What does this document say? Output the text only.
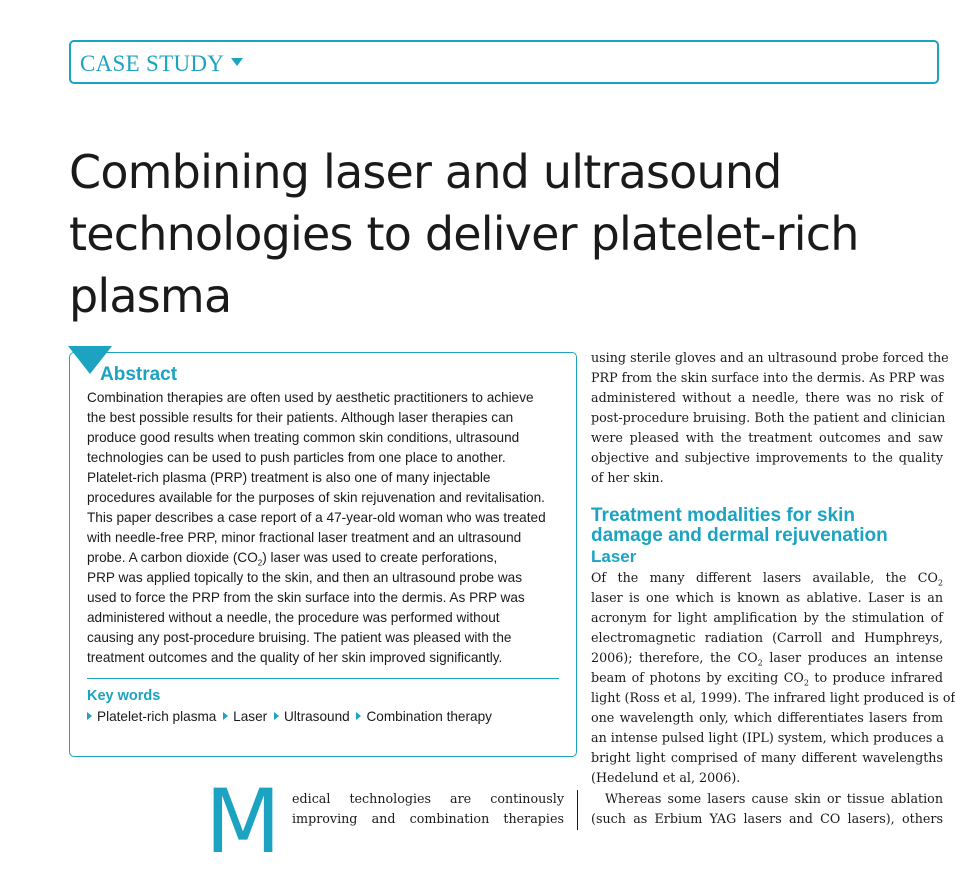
CASE STUDY
Combining laser and ultrasound
technologies to deliver platelet-rich plasma
Abstract

Combination therapies are often used by aesthetic practitioners to achieve
the best possible results for their patients. Although laser therapies can
produce good results when treating common skin conditions, ultrasound
technologies can be used to push particles from one place to another.
Platelet-rich plasma (PRP) treatment is also one of many injectable
procedures available for the purposes of skin rejuvenation and revitalisation.
This paper describes a case report of a 47-year-old woman who was treated
with needle-free PRP, minor fractional laser treatment and an ultrasound
probe. A carbon dioxide $(CO_2)$ laser was used to create perforations,
PRP was applied topically to the skin, and then an ultrasound probe was
used to force the PRP from the skin surface into the dermis. As PRP was
administered without a needle, the procedure was performed without
causing any post-procedure bruising. The patient was pleased with the
treatment outcomes and the quality of her skin improved significantly.

Key words
Platelet-rich plasma Laser Ultrasound Combination therapy

using sterile gloves and an ultrasound probe forced the
PRP from the skin surface into the dermis. As PRP was
administered without a needle, there was no risk of
post-procedure bruising. Both the patient and clinician
were pleased with the treatment outcomes and saw
objective and subjective improvements to the quality
of her skin.

Treatment modalities for skin
damage and dermal rejuvenation
Laser

Of the many different lasers available, the $CO_2$
laser is one which is known as ablative. Laser is an
acronym for light amplification by the stimulation of
electromagnetic radiation (Carroll and Humphreys,
2006); therefore, the $CO_2$ laser produces an intense
beam of photons by exciting $CO_2$ to produce infrared
light (Ross et al, 1999). The infrared light produced is of
one wavelength only, which differentiates lasers from
an intense pulsed light (IPL) system, which produces a
bright light comprised of many different wavelengths
(Hedelund et al, 2006).

Whereas some lasers cause skin or tissue ablation
(such as Erbium YAG lasers and CO lasers), others

M edical technologies are continously
improving and combination therapies
